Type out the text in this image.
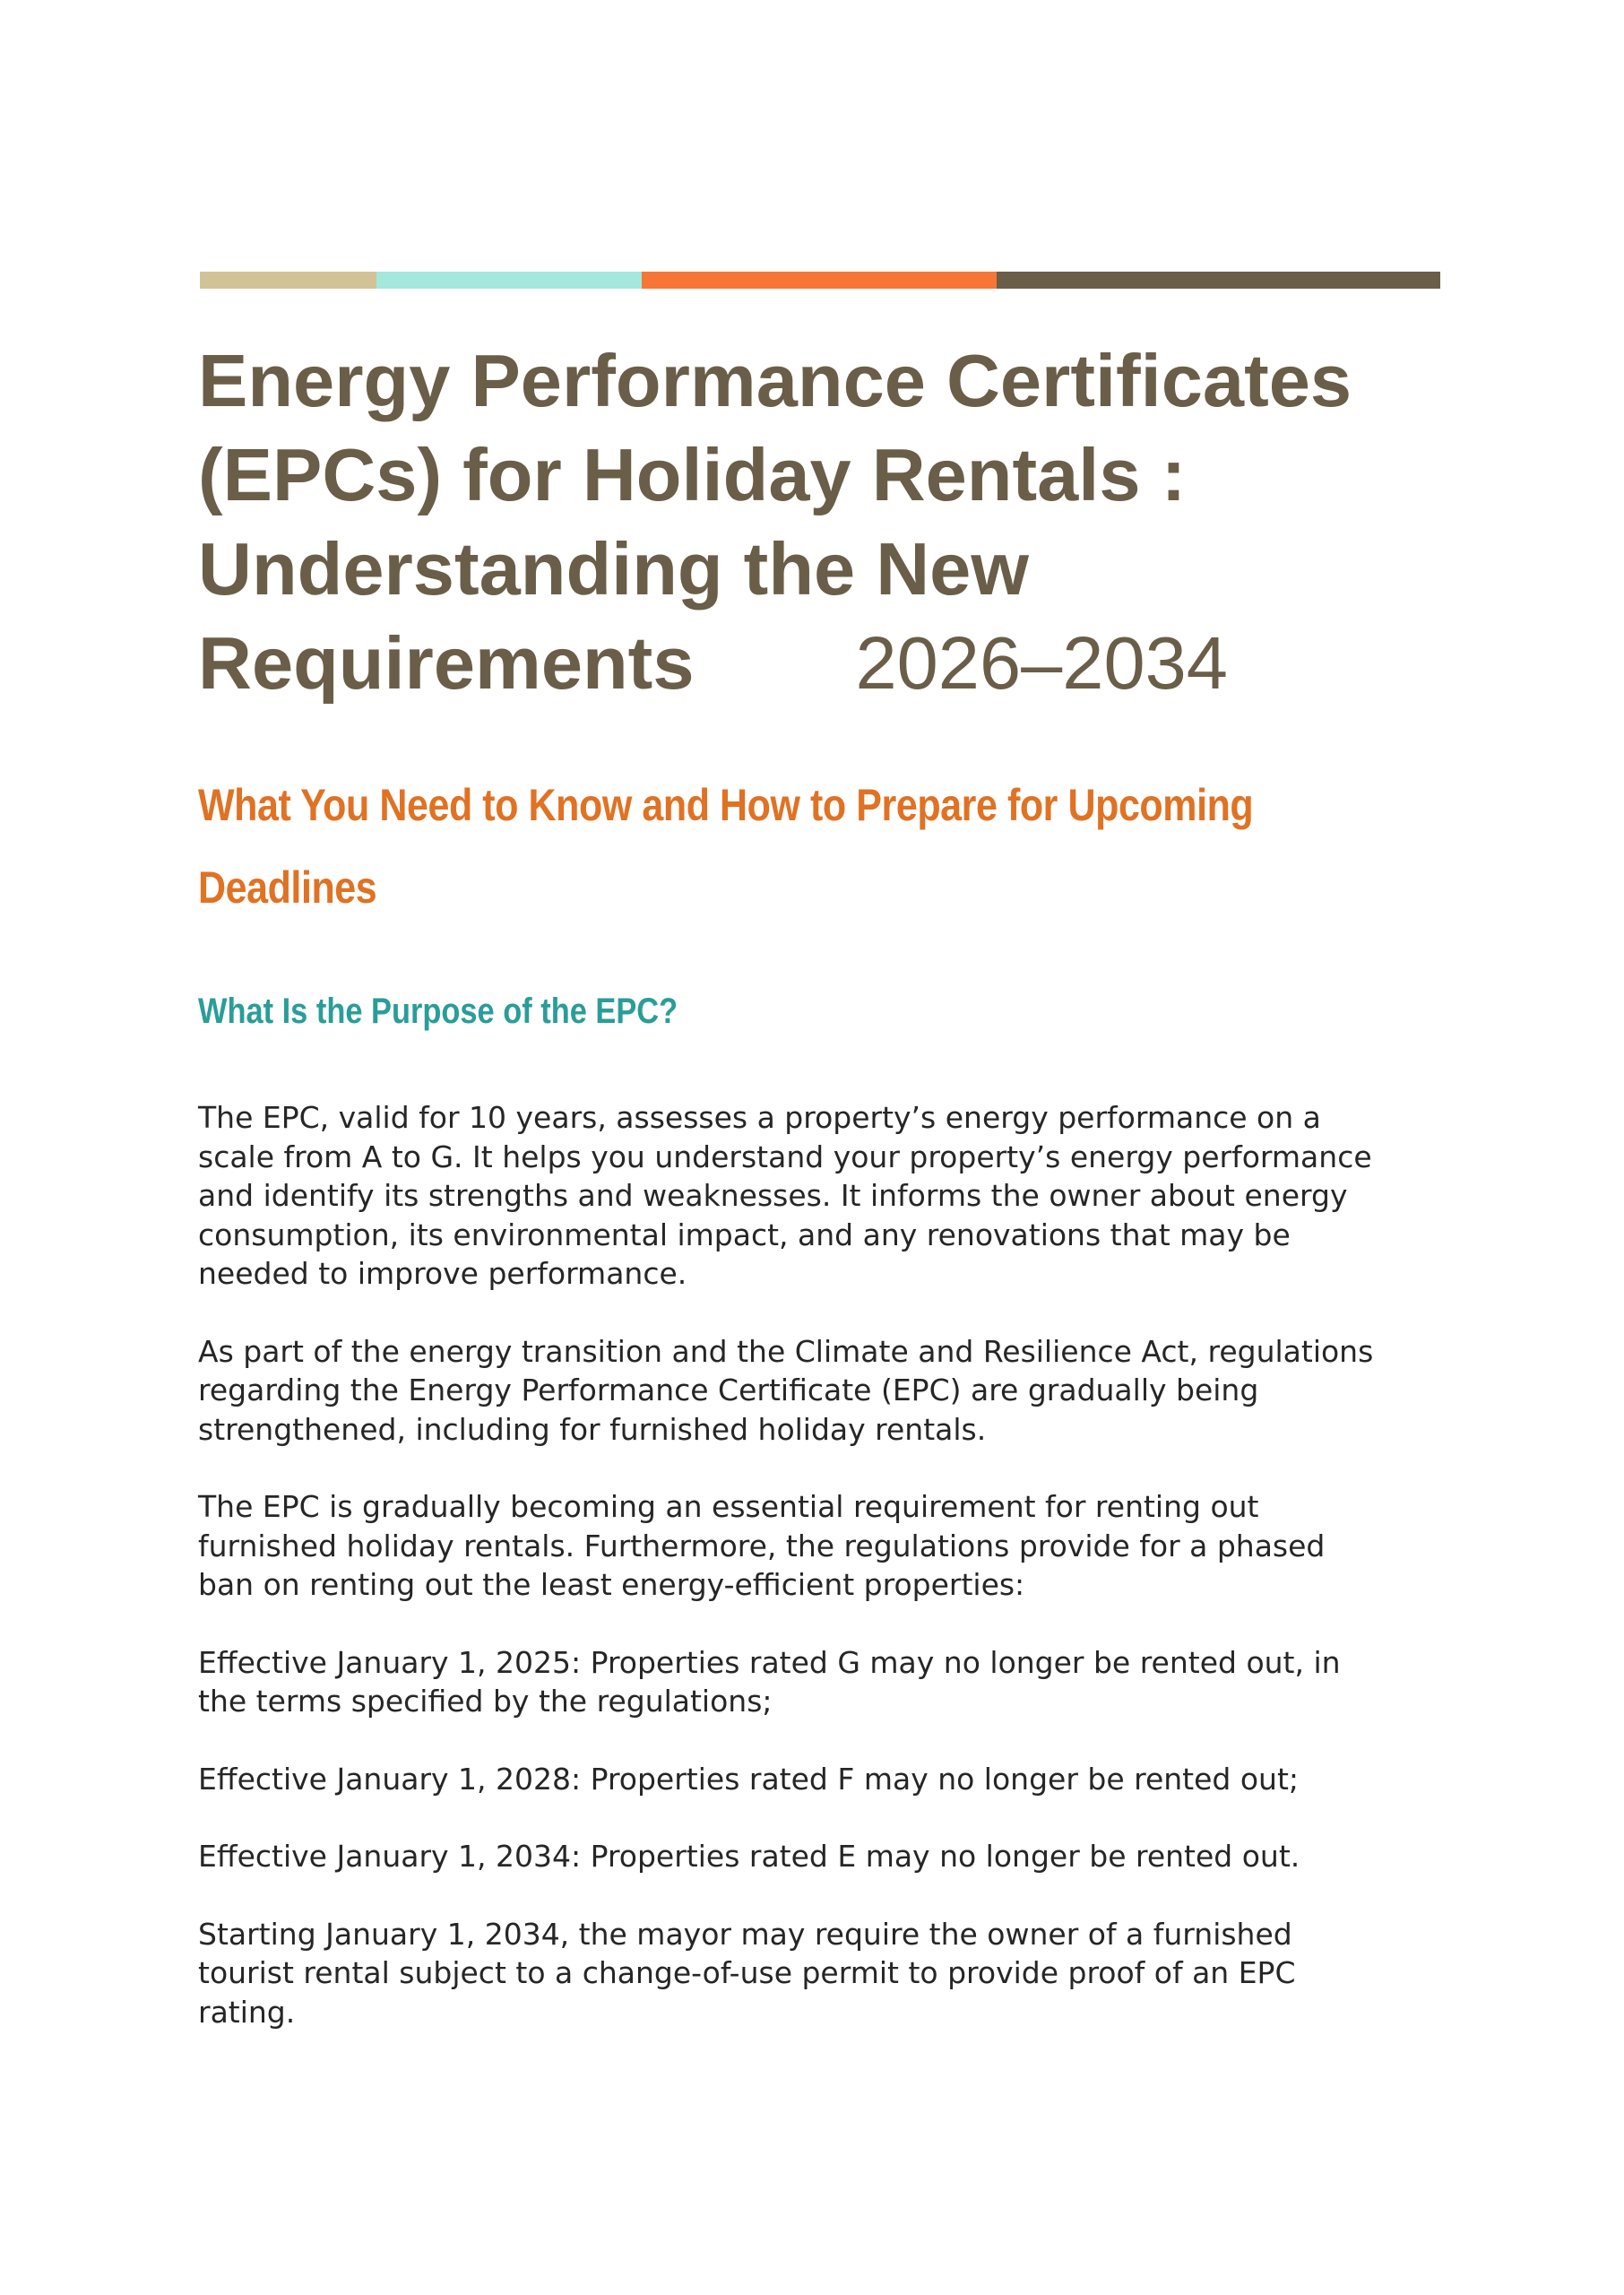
Energy Performance Certificates
(EPCs) for Holiday Rentals :
Understanding the New
Requirements 2026–2034
What You Need to Know and How to Prepare for Upcoming
Deadlines
What Is the Purpose of the EPC?

The EPC, valid for 10 years, assesses a property’s energy performance on a
scale from A to G. It helps you understand your property’s energy performance
and identify its strengths and weaknesses. It informs the owner about energy
consumption, its environmental impact, and any renovations that may be
needed to improve performance.

As part of the energy transition and the Climate and Resilience Act, regulations
regarding the Energy Performance Certificate (EPC) are gradually being
strengthened, including for furnished holiday rentals.

The EPC is gradually becoming an essential requirement for renting out
furnished holiday rentals. Furthermore, the regulations provide for a phased
ban on renting out the least energy-efficient properties:

Effective January 1, 2025: Properties rated G may no longer be rented out, in
the terms specified by the regulations;

Effective January 1, 2028: Properties rated F may no longer be rented out;

Effective January 1, 2034: Properties rated E may no longer be rented out.

Starting January 1, 2034, the mayor may require the owner of a furnished
tourist rental subject to a change-of-use permit to provide proof of an EPC
rating.
